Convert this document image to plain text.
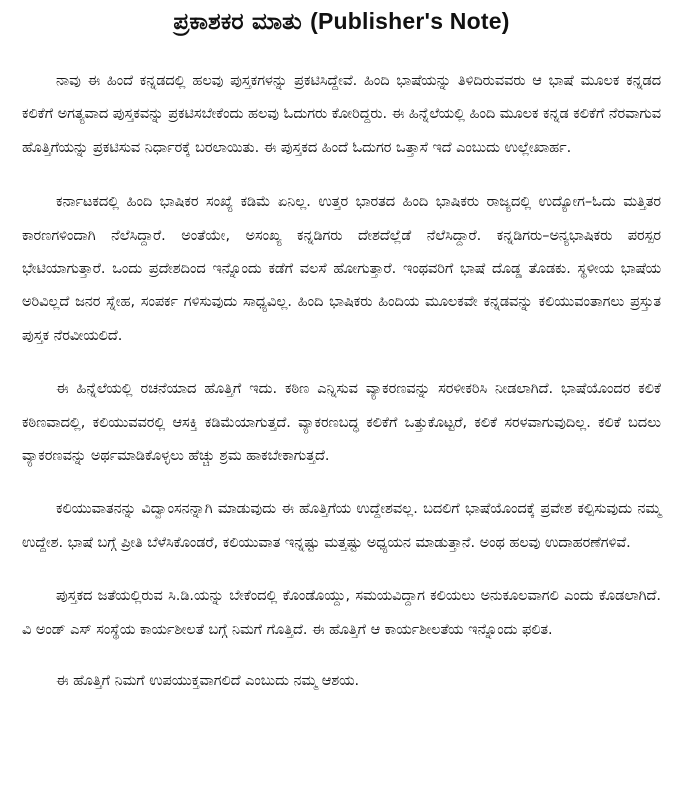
ಪ್ರಕಾಶಕರ ಮಾತು (Publisher's Note)

ನಾವು ಈ ಹಿಂದೆ ಕನ್ನಡದಲ್ಲಿ ಹಲವು ಪುಸ್ತಕಗಳನ್ನು ಪ್ರಕಟಿಸಿದ್ದೇವೆ. ಹಿಂದಿ ಭಾಷೆಯನ್ನು ತಿಳಿದಿರುವವರು ಆ ಭಾಷೆ ಮೂಲಕ ಕನ್ನಡದ ಕಲಿಕೆಗೆ ಅಗತ್ಯವಾದ ಪುಸ್ತಕವನ್ನು ಪ್ರಕಟಿಸಬೇಕೆಂದು ಹಲವು ಓದುಗರು ಕೋರಿದ್ದರು. ಈ ಹಿನ್ನೆಲೆಯಲ್ಲಿ ಹಿಂದಿ ಮೂಲಕ ಕನ್ನಡ ಕಲಿಕೆಗೆ ನೆರವಾಗುವ ಹೊತ್ತಿಗೆಯನ್ನು ಪ್ರಕಟಿಸುವ ನಿರ್ಧಾರಕ್ಕೆ ಬರಲಾಯಿತು. ಈ ಪುಸ್ತಕದ ಹಿಂದೆ ಓದುಗರ ಒತ್ತಾಸೆ ಇದೆ ಎಂಬುದು ಉಲ್ಲೇಖಾರ್ಹ.

ಕರ್ನಾಟಕದಲ್ಲಿ ಹಿಂದಿ ಭಾಷಿಕರ ಸಂಖ್ಯೆ ಕಡಿಮೆ ಏನಿಲ್ಲ. ಉತ್ತರ ಭಾರತದ ಹಿಂದಿ ಭಾಷಿಕರು ರಾಜ್ಯದಲ್ಲಿ ಉದ್ಯೋಗ–ಓದು ಮತ್ತಿತರ ಕಾರಣಗಳಿಂದಾಗಿ ನೆಲೆಸಿದ್ದಾರೆ. ಅಂತೆಯೇ, ಅಸಂಖ್ಯ ಕನ್ನಡಿಗರು ದೇಶದೆಲ್ಲೆಡೆ ನೆಲೆಸಿದ್ದಾರೆ. ಕನ್ನಡಿಗರು–ಅನ್ಯಭಾಷಿಕರು ಪರಸ್ಪರ ಭೇಟಿಯಾಗುತ್ತಾರೆ. ಒಂದು ಪ್ರದೇಶದಿಂದ ಇನ್ನೊಂದು ಕಡೆಗೆ ವಲಸೆ ಹೋಗುತ್ತಾರೆ. ಇಂಥವರಿಗೆ ಭಾಷೆ ದೊಡ್ಡ ತೊಡಕು. ಸ್ಥಳೀಯ ಭಾಷೆಯ ಅರಿವಿಲ್ಲದೆ ಜನರ ಸ್ನೇಹ, ಸಂಪರ್ಕ ಗಳಿಸುವುದು ಸಾಧ್ಯವಿಲ್ಲ. ಹಿಂದಿ ಭಾಷಿಕರು ಹಿಂದಿಯ ಮೂಲಕವೇ ಕನ್ನಡವನ್ನು ಕಲಿಯುವಂತಾಗಲು ಪ್ರಸ್ತುತ ಪುಸ್ತಕ ನೆರವೀಯಲಿದೆ.

ಈ ಹಿನ್ನೆಲೆಯಲ್ಲಿ ರಚನೆಯಾದ ಹೊತ್ತಿಗೆ ಇದು. ಕಠಿಣ ಎನ್ನಿಸುವ ವ್ಯಾಕರಣವನ್ನು ಸರಳೀಕರಿಸಿ ನೀಡಲಾಗಿದೆ. ಭಾಷೆಯೊಂದರ ಕಲಿಕೆ ಕಠಿಣವಾದಲ್ಲಿ, ಕಲಿಯುವವರಲ್ಲಿ ಆಸಕ್ತಿ ಕಡಿಮೆಯಾಗುತ್ತದೆ. ವ್ಯಾಕರಣಬದ್ಧ ಕಲಿಕೆಗೆ ಒತ್ತುಕೊಟ್ಟರೆ, ಕಲಿಕೆ ಸರಳವಾಗುವುದಿಲ್ಲ. ಕಲಿಕೆ ಬದಲು ವ್ಯಾಕರಣವನ್ನು ಅರ್ಥಮಾಡಿಕೊಳ್ಳಲು ಹೆಚ್ಚು ಶ್ರಮ ಹಾಕಬೇಕಾಗುತ್ತದೆ.

ಕಲಿಯುವಾತನನ್ನು ವಿದ್ವಾಂಸನನ್ನಾಗಿ ಮಾಡುವುದು ಈ ಹೊತ್ತಿಗೆಯ ಉದ್ದೇಶವಲ್ಲ. ಬದಲಿಗೆ ಭಾಷೆಯೊಂದಕ್ಕೆ ಪ್ರವೇಶ ಕಲ್ಪಿಸುವುದು ನಮ್ಮ ಉದ್ದೇಶ. ಭಾಷೆ ಬಗ್ಗೆ ಪ್ರೀತಿ ಬೆಳೆಸಿಕೊಂಡರೆ, ಕಲಿಯುವಾತ ಇನ್ನಷ್ಟು ಮತ್ತಷ್ಟು ಅಧ್ಯಯನ ಮಾಡುತ್ತಾನೆ. ಅಂಥ ಹಲವು ಉದಾಹರಣೆಗಳಿವೆ.

ಪುಸ್ತಕದ ಜತೆಯಲ್ಲಿರುವ ಸಿ.ಡಿ.ಯನ್ನು ಬೇಕೆಂದಲ್ಲಿ ಕೊಂಡೊಯ್ದು, ಸಮಯವಿದ್ದಾಗ ಕಲಿಯಲು ಅನುಕೂಲವಾಗಲಿ ಎಂದು ಕೊಡಲಾಗಿದೆ. ವಿ ಅಂಡ್ ಎಸ್ ಸಂಸ್ಥೆಯ ಕಾರ್ಯಶೀಲತೆ ಬಗ್ಗೆ ನಿಮಗೆ ಗೊತ್ತಿದೆ. ಈ ಹೊತ್ತಿಗೆ ಆ ಕಾರ್ಯಶೀಲತೆಯ ಇನ್ನೊಂದು ಫಲಿತ.

ಈ ಹೊತ್ತಿಗೆ ನಿಮಗೆ ಉಪಯುಕ್ತವಾಗಲಿದೆ ಎಂಬುದು ನಮ್ಮ ಆಶಯ.
